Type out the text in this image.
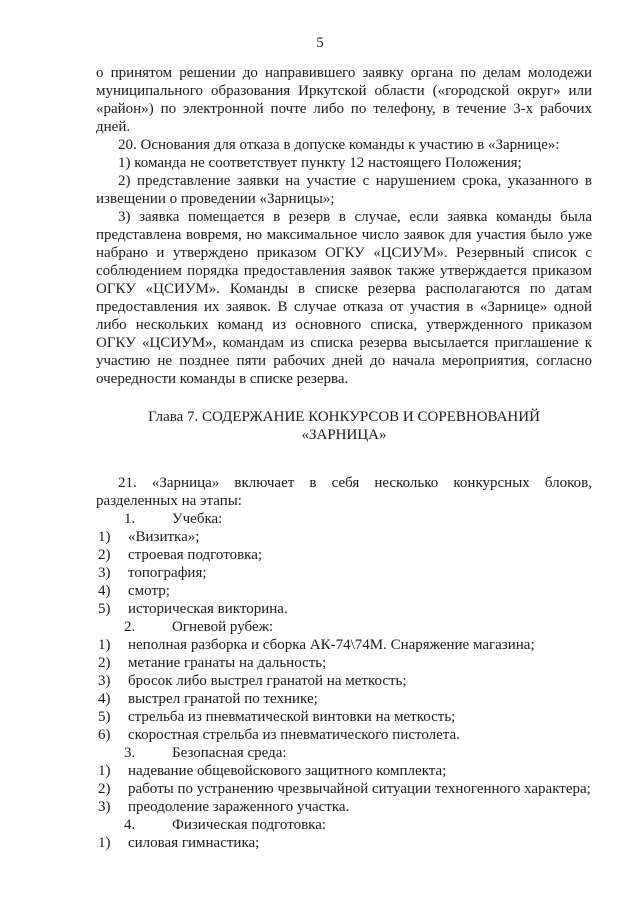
5

о принятом решении до направившего заявку органа по делам молодежи муниципального образования Иркутской области («городской округ» или «район») по электронной почте либо по телефону, в течение 3-х рабочих дней.

20. Основания для отказа в допуске команды к участию в «Зарнице»:

1) команда не соответствует пункту 12 настоящего Положения;

2) представление заявки на участие с нарушением срока, указанного в извещении о проведении «Зарницы»;

3) заявка помещается в резерв в случае, если заявка команды была представлена вовремя, но максимальное число заявок для участия было уже набрано и утверждено приказом ОГКУ «ЦСИУМ». Резервный список с соблюдением порядка предоставления заявок также утверждается приказом ОГКУ «ЦСИУМ». Команды в списке резерва располагаются по датам предоставления их заявок. В случае отказа от участия в «Зарнице» одной либо нескольких команд из основного списка, утвержденного приказом ОГКУ «ЦСИУМ», командам из списка резерва высылается приглашение к участию не позднее пяти рабочих дней до начала мероприятия, согласно очередности команды в списке резерва.

Глава 7. СОДЕРЖАНИЕ КОНКУРСОВ И СОРЕВНОВАНИЙ
«ЗАРНИЦА»

21. «Зарница» включает в себя несколько конкурсных блоков, разделенных на этапы:

1.	Учебка:
1)	«Визитка»;
2)	строевая подготовка;
3)	топография;
4)	смотр;
5)	историческая викторина.
2.	Огневой рубеж:
1)	неполная разборка и сборка АК-74\74М. Снаряжение магазина;
2)	метание гранаты на дальность;
3)	бросок либо выстрел гранатой на меткость;
4)	выстрел гранатой по технике;
5)	стрельба из пневматической винтовки на меткость;
6)	скоростная стрельба из пневматического пистолета.
3.	Безопасная среда:
1)	надевание общевойскового защитного комплекта;
2)	работы по устранению чрезвычайной ситуации техногенного характера;
3)	преодоление зараженного участка.
4.	Физическая подготовка:
1)	силовая гимнастика;
